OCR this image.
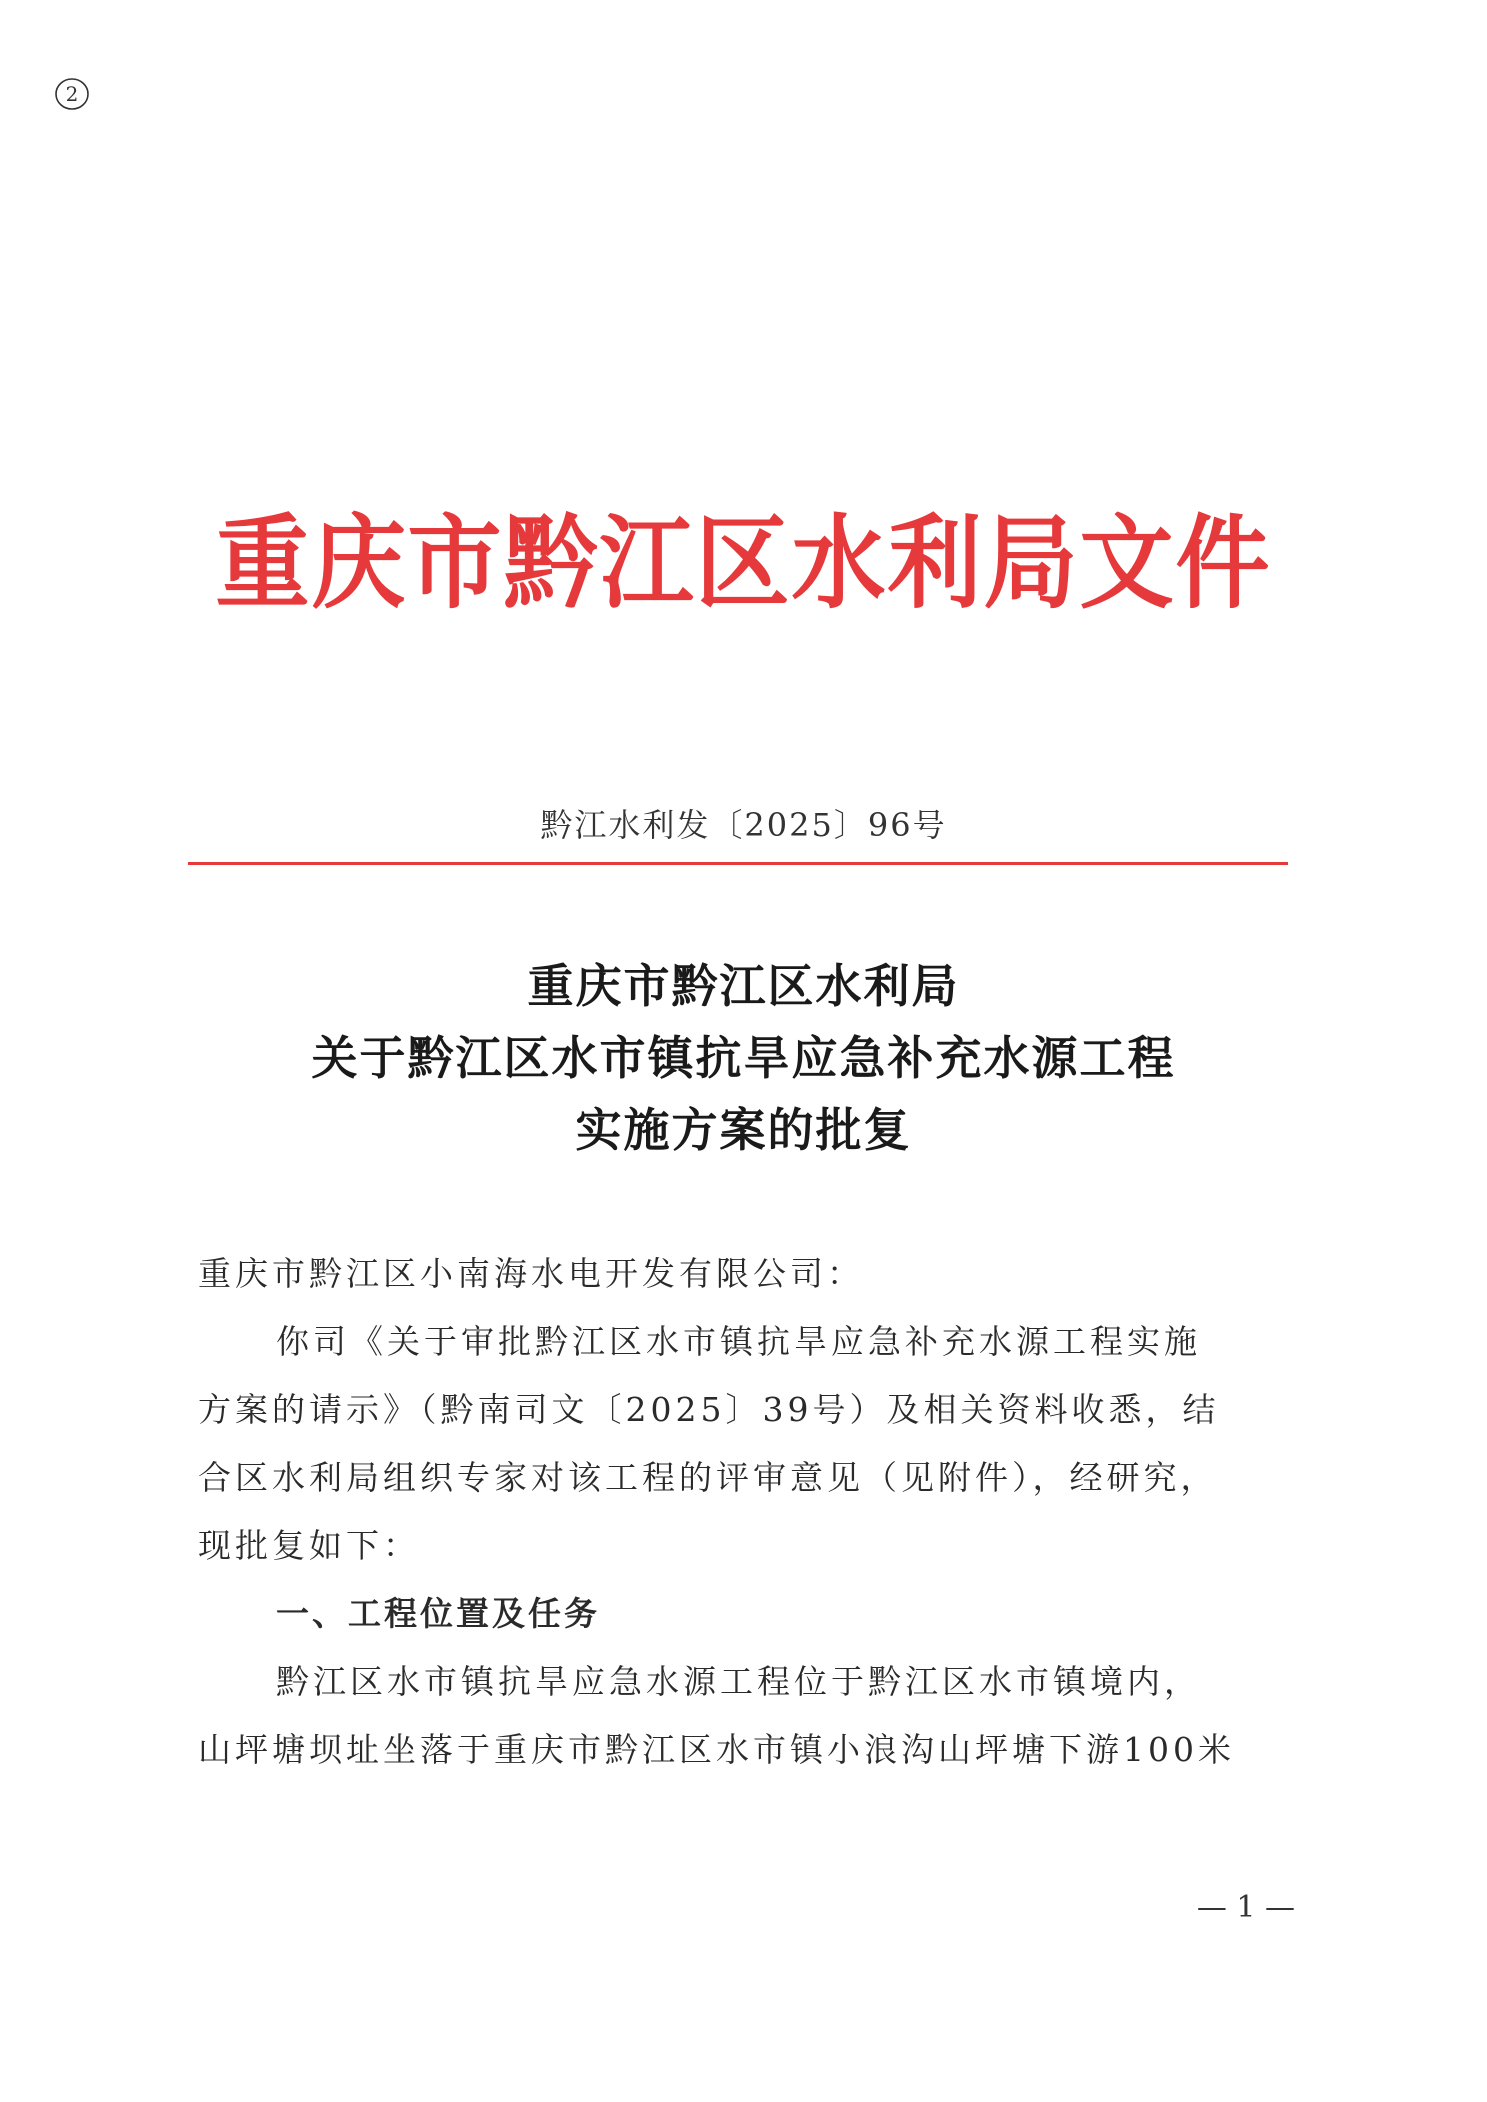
2
重庆市黔江区水利局文件
黔江水利发〔2025〕96号
重庆市黔江区水利局
关于黔江区水市镇抗旱应急补充水源工程
实施方案的批复

重庆市黔江区小南海水电开发有限公司：

你司《关于审批黔江区水市镇抗旱应急补充水源工程实施

方案的请示》（黔南司文〔2025〕39号）及相关资料收悉，结

合区水利局组织专家对该工程的评审意见（见附件），经研究，

现批复如下：

一、工程位置及任务

黔江区水市镇抗旱应急水源工程位于黔江区水市镇境内，

山坪塘坝址坐落于重庆市黔江区水市镇小浪沟山坪塘下游100米

— 1 —
